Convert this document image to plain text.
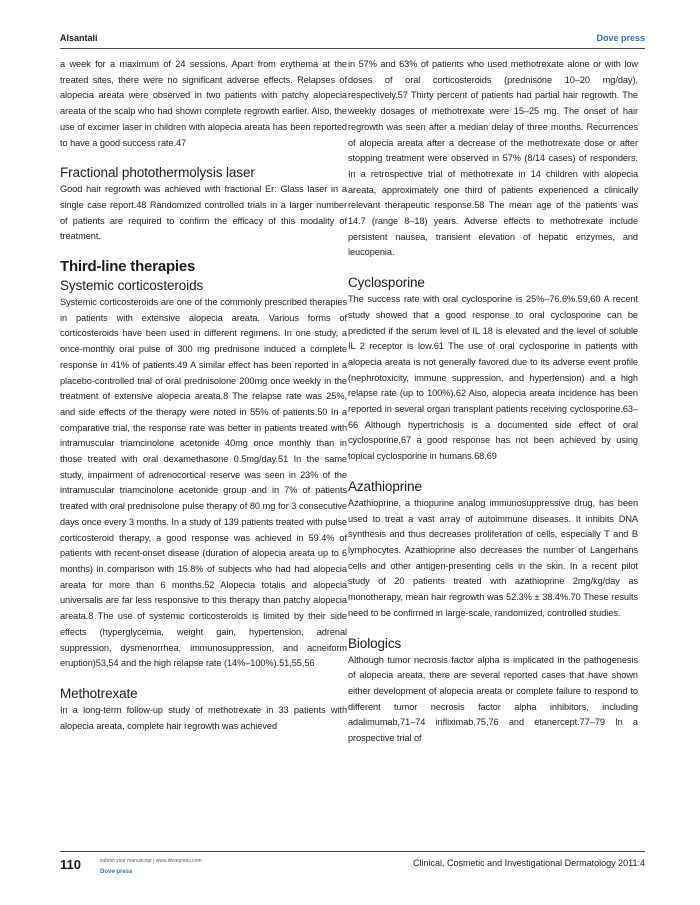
Alsantali	Dove press

a week for a maximum of 24 sessions. Apart from erythema at the treated sites, there were no significant adverse effects. Relapses of alopecia areata were observed in two patients with patchy alopecia areata of the scalp who had shown complete regrowth earlier. Also, the use of excimer laser in children with alopecia areata has been reported to have a good success rate.47

Fractional photothermolysis laser

Good hair regrowth was achieved with fractional Er: Glass laser in a single case report.48 Randomized controlled trials in a larger number of patients are required to confirm the efficacy of this modality of treatment.

Third-line therapies
Systemic corticosteroids

Systemic corticosteroids are one of the commonly prescribed therapies in patients with extensive alopecia areata. Various forms of corticosteroids have been used in different regimens. In one study, a once-monthly oral pulse of 300 mg prednisone induced a complete response in 41% of patients.49 A similar effect has been reported in a placebo-controlled trial of oral prednisolone 200mg once weekly in the treatment of extensive alopecia areata.8 The relapse rate was 25%, and side effects of the therapy were noted in 55% of patients.50 In a comparative trial, the response rate was better in patients treated with intramuscular triamcinolone acetonide 40mg once monthly than in those treated with oral dexamethasone 0.5mg/day.51 In the same study, impairment of adrenocortical reserve was seen in 23% of the intramuscular triamcinolone acetonide group and in 7% of patients treated with oral prednisolone pulse therapy of 80 mg for 3 consecutive days once every 3 months. In a study of 139 patients treated with pulse corticosteroid therapy, a good response was achieved in 59.4% of patients with recent-onset disease (duration of alopecia areata up to 6 months) in comparison with 15.8% of subjects who had had alopecia areata for more than 6 months.52 Alopecia totalis and alopecia universalis are far less responsive to this therapy than patchy alopecia areata.8 The use of systemic corticosteroids is limited by their side effects (hyperglycemia, weight gain, hypertension, adrenal suppression, dysmenorrhea, immunosuppression, and acneiform eruption)53,54 and the high relapse rate (14%–100%).51,55,56

Methotrexate

In a long-term follow-up study of methotrexate in 33 patients with alopecia areata, complete hair regrowth was achieved

in 57% and 63% of patients who used methotrexate alone or with low doses of oral corticosteroids (prednisone 10–20 mg/day), respectively.57 Thirty percent of patients had partial hair regrowth. The weekly dosages of methotrexate were 15–25 mg. The onset of hair regrowth was seen after a median delay of three months. Recurrences of alopecia areata after a decrease of the methotrexate dose or after stopping treatment were observed in 57% (8/14 cases) of responders. In a retrospective trial of methotrexate in 14 children with alopecia areata, approximately one third of patients experienced a clinically relevant therapeutic response.58 The mean age of the patients was 14.7 (range 8–18) years. Adverse effects to methotrexate include persistent nausea, transient elevation of hepatic enzymes, and leucopenia.

Cyclosporine

The success rate with oral cyclosporine is 25%–76.6%.59,60 A recent study showed that a good response to oral cyclosporine can be predicted if the serum level of IL 18 is elevated and the level of soluble IL 2 receptor is low.61 The use of oral cyclosporine in patients with alopecia areata is not generally favored due to its adverse event profile (nephrotoxicity, immune suppression, and hypertension) and a high relapse rate (up to 100%).62 Also, alopecia areata incidence has been reported in several organ transplant patients receiving cyclosporine.63–66 Although hypertrichosis is a documented side effect of oral cyclosporine,67 a good response has not been achieved by using topical cyclosporine in humans.68,69

Azathioprine

Azathioprine, a thiopurine analog immunosuppressive drug, has been used to treat a vast array of autoimmune diseases. It inhibits DNA synthesis and thus decreases proliferation of cells, especially T and B lymphocytes. Azathioprine also decreases the number of Langerhans cells and other antigen-presenting cells in the skin. In a recent pilot study of 20 patients treated with azathioprine 2mg/kg/day as monotherapy, mean hair regrowth was 52.3% ± 38.4%.70 These results need to be confirmed in large-scale, randomized, controlled studies.

Biologics

Although tumor necrosis factor alpha is implicated in the pathogenesis of alopecia areata, there are several reported cases that have shown either development of alopecia areata or complete failure to respond to different tumor necrosis factor alpha inhibitors, including adalimumab,71–74 infliximab,75,76 and etanercept.77–79 In a prospective trial of

110	submit your manuscript | www.dovepress.com
Dove press
Clinical, Cosmetic and Investigational Dermatology 2011:4
